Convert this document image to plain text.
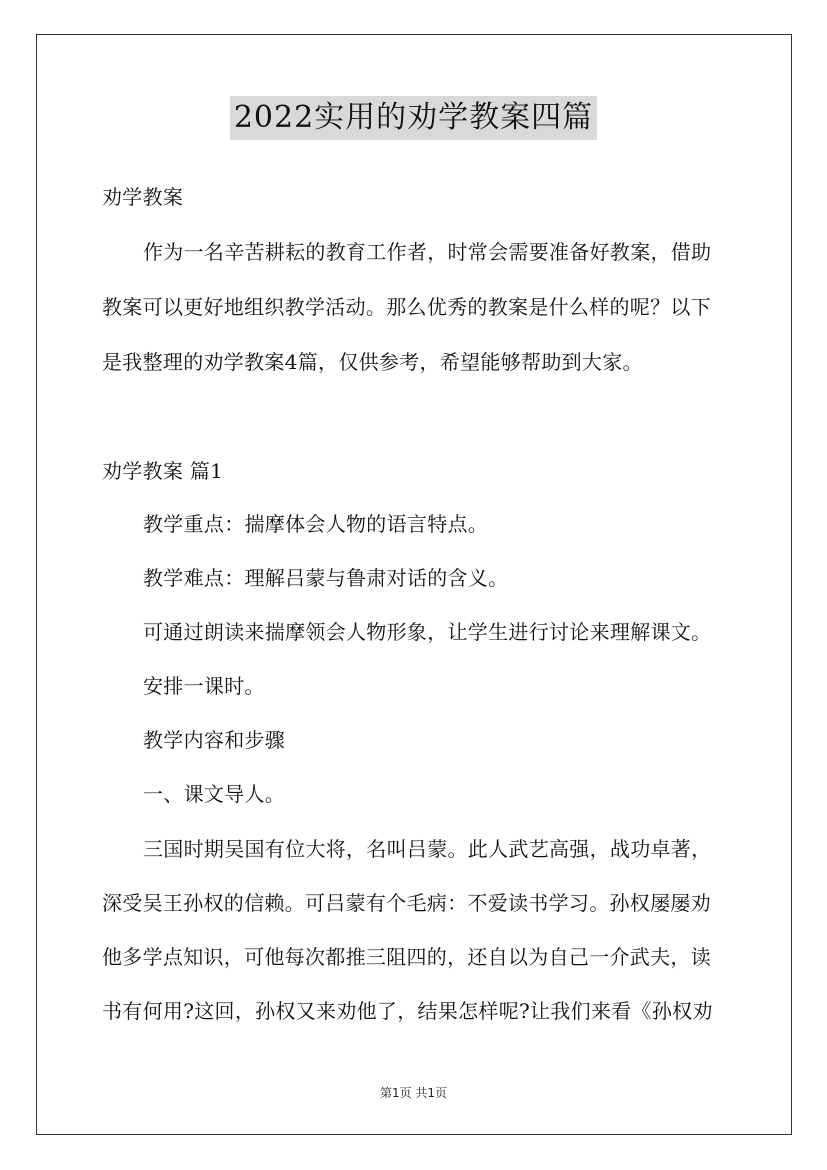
2022实用的劝学教案四篇
劝学教案
作为一名辛苦耕耘的教育工作者，时常会需要准备好教案，借助
教案可以更好地组织教学活动。那么优秀的教案是什么样的呢？以下
是我整理的劝学教案4篇，仅供参考，希望能够帮助到大家。
劝学教案 篇1
教学重点：揣摩体会人物的语言特点。
教学难点：理解吕蒙与鲁肃对话的含义。
可通过朗读来揣摩领会人物形象，让学生进行讨论来理解课文。
安排一课时。
教学内容和步骤
一、课文导人。
三国时期吴国有位大将，名叫吕蒙。此人武艺高强，战功卓著，
深受吴王孙权的信赖。可吕蒙有个毛病：不爱读书学习。孙权屡屡劝
他多学点知识，可他每次都推三阻四的，还自以为自己一介武夫，读
书有何用?这回，孙权又来劝他了，结果怎样呢?让我们来看《孙权劝
第1页 共1页
